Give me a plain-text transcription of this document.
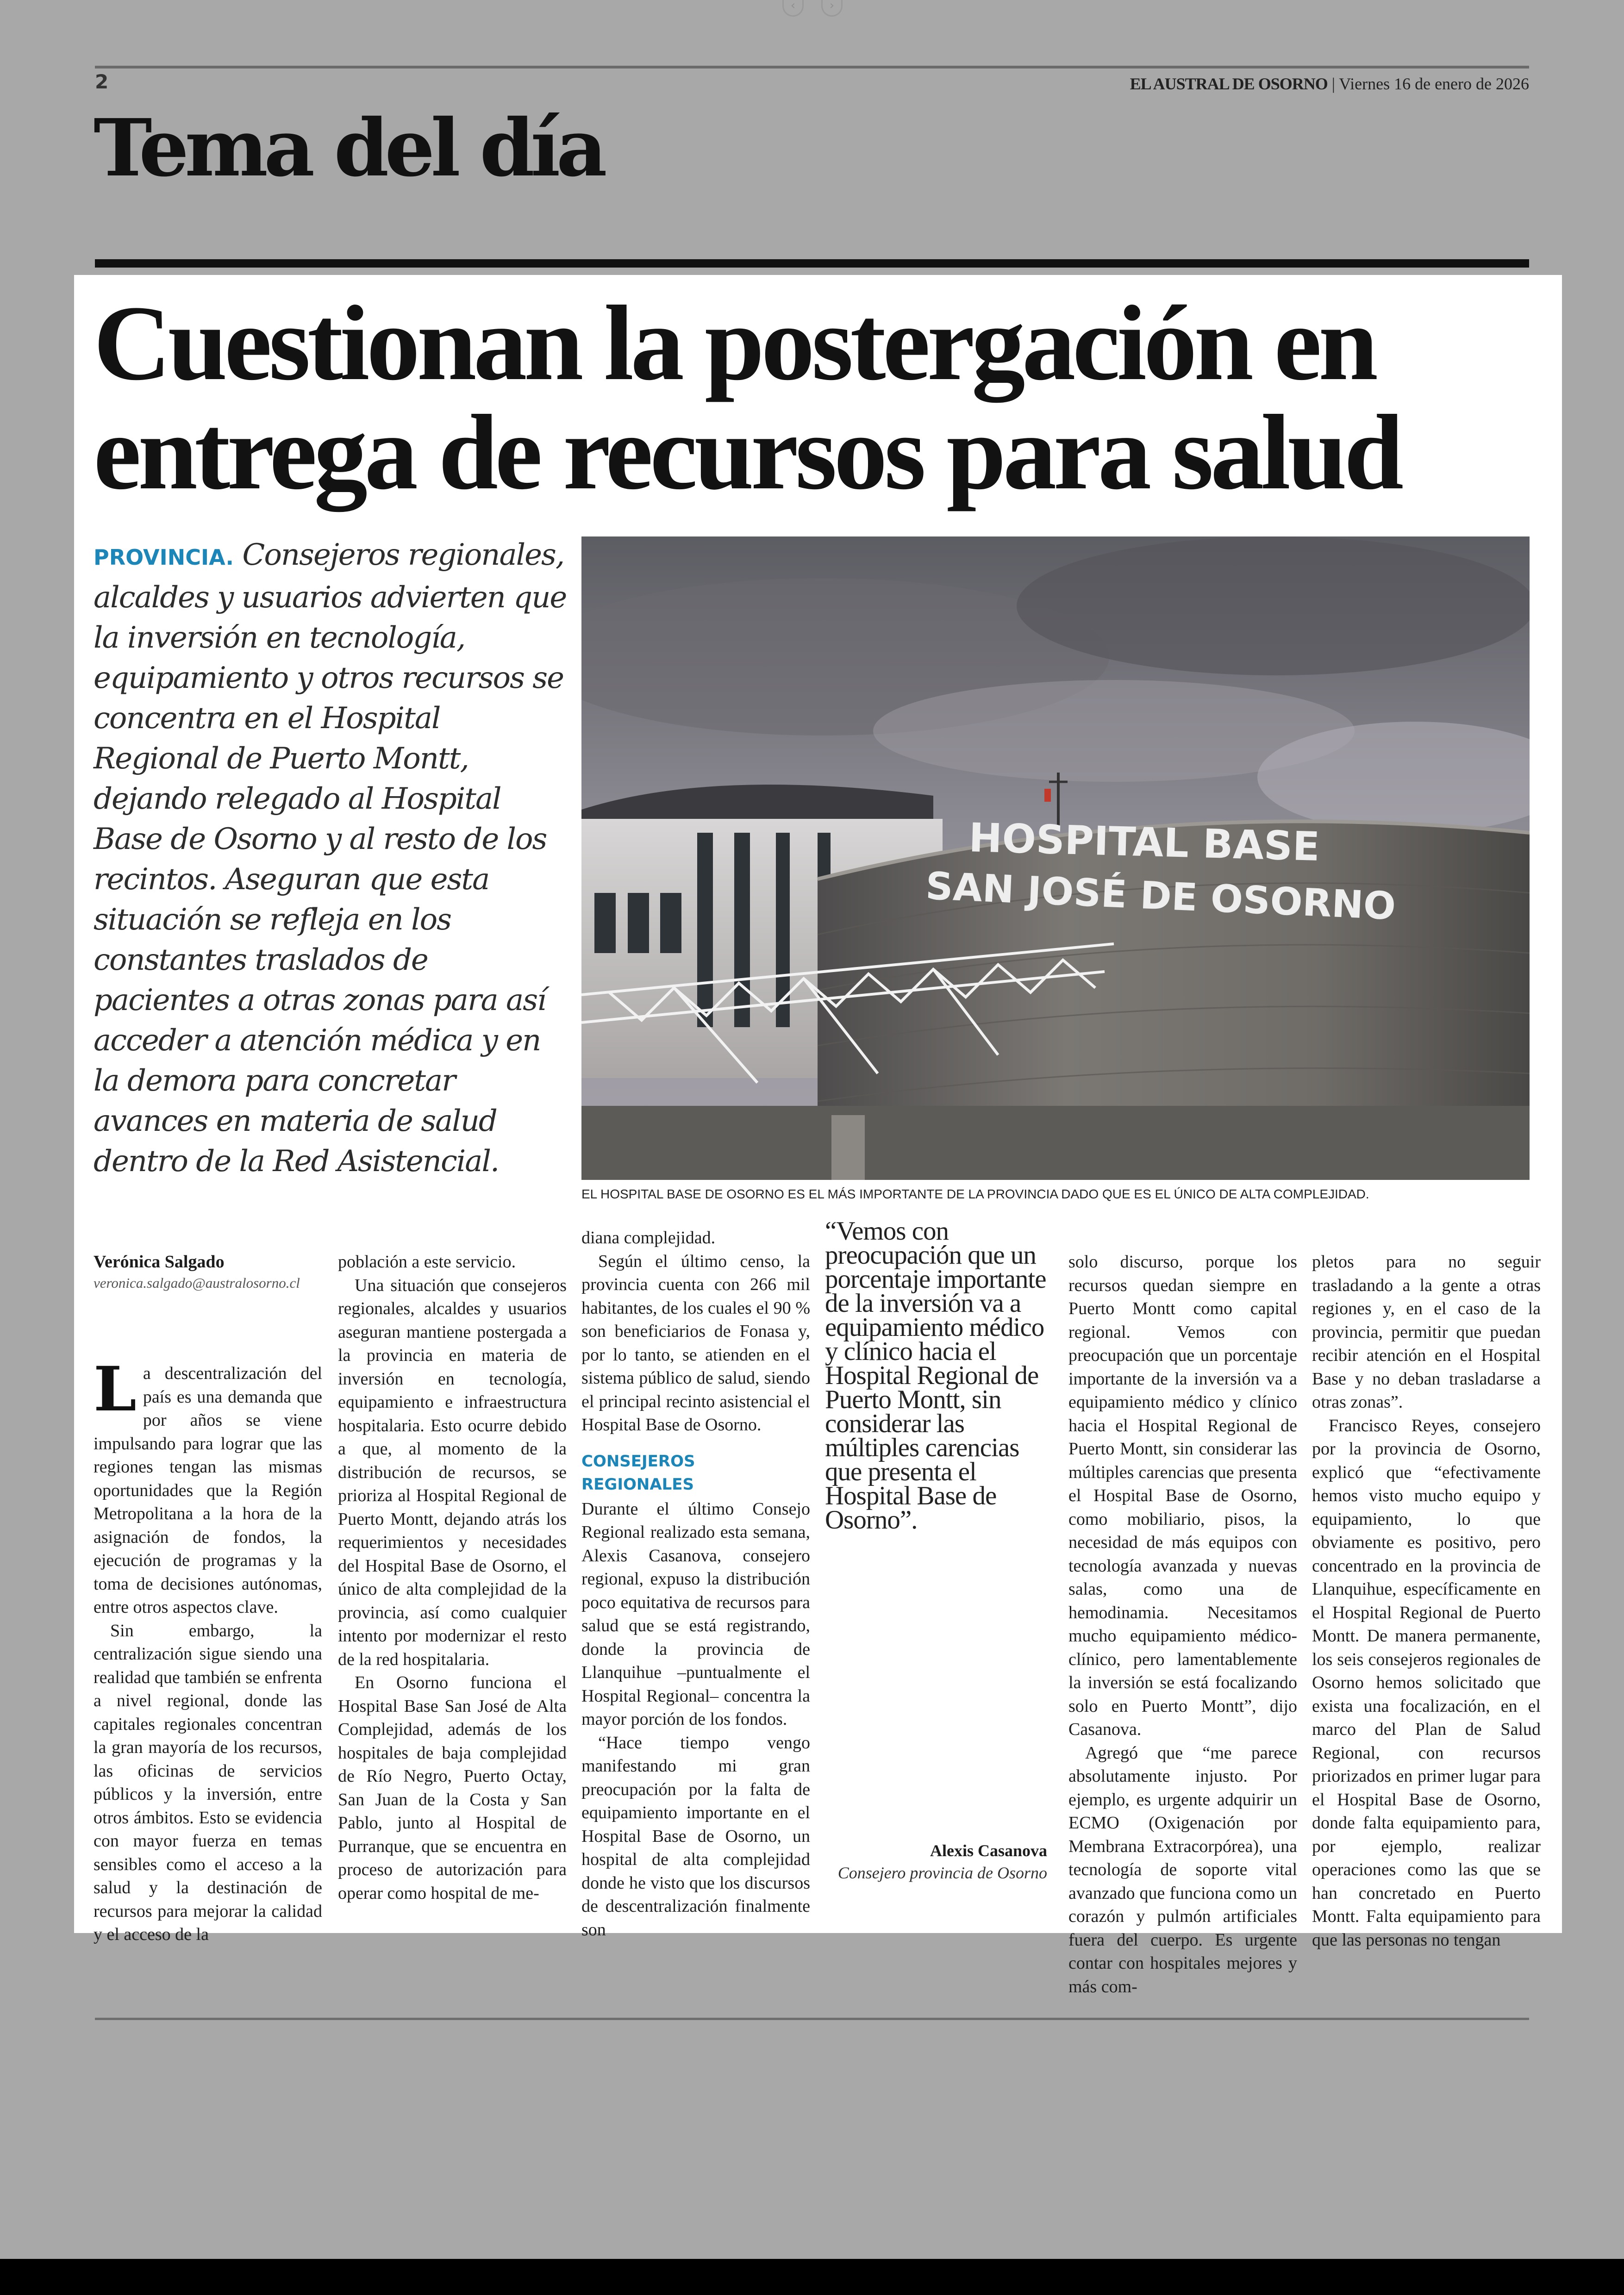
‹	›
2	EL AUSTRAL DE OSORNO | Viernes 16 de enero de 2026
Tema del día
Cuestionan la postergación en
entrega de recursos para salud
PROVINCIA. Consejeros regionales, alcaldes y usuarios advierten que la inversión en tecnología, equipamiento y otros recursos se concentra en el Hospital Regional de Puerto Montt, dejando relegado al Hospital Base de Osorno y al resto de los recintos. Aseguran que esta situación se refleja en los constantes traslados de pacientes a otras zonas para así acceder a atención médica y en la demora para concretar avances en materia de salud dentro de la Red Asistencial.
HOSPITAL BASE
SAN JOSÉ DE OSORNO
EL HOSPITAL BASE DE OSORNO ES EL MÁS IMPORTANTE DE LA PROVINCIA DADO QUE ES EL ÚNICO DE ALTA COMPLEJIDAD.
Verónica Salgado
veronica.salgado@australosorno.cl

La descentralización del país es una demanda que por años se viene impulsando para lograr que las regiones tengan las mismas oportunidades que la Región Metropolitana a la hora de la asignación de fondos, la ejecución de programas y la toma de decisiones autónomas, entre otros aspectos clave.

Sin embargo, la centralización sigue siendo una realidad que también se enfrenta a nivel regional, donde las capitales regionales concentran la gran mayoría de los recursos, las oficinas de servicios públicos y la inversión, entre otros ámbitos. Esto se evidencia con mayor fuerza en temas sensibles como el acceso a la salud y la destinación de recursos para mejorar la calidad y el acceso de la

población a este servicio.

Una situación que consejeros regionales, alcaldes y usuarios aseguran mantiene postergada a la provincia en materia de inversión en tecnología, equipamiento e infraestructura hospitalaria. Esto ocurre debido a que, al momento de la distribución de recursos, se prioriza al Hospital Regional de Puerto Montt, dejando atrás los requerimientos y necesidades del Hospital Base de Osorno, el único de alta complejidad de la provincia, así como cualquier intento por modernizar el resto de la red hospitalaria.

En Osorno funciona el Hospital Base San José de Alta Complejidad, además de los hospitales de baja complejidad de Río Negro, Puerto Octay, San Juan de la Costa y San Pablo, junto al Hospital de Purranque, que se encuentra en proceso de autorización para operar como hospital de me-

diana complejidad.

Según el último censo, la provincia cuenta con 266 mil habitantes, de los cuales el 90 % son beneficiarios de Fonasa y, por lo tanto, se atienden en el sistema público de salud, siendo el principal recinto asistencial el Hospital Base de Osorno.

CONSEJEROS REGIONALES

Durante el último Consejo Regional realizado esta semana, Alexis Casanova, consejero regional, expuso la distribución poco equitativa de recursos para salud que se está registrando, donde la provincia de Llanquihue –puntualmente el Hospital Regional– concentra la mayor porción de los fondos.

“Hace tiempo vengo manifestando mi gran preocupación por la falta de equipamiento importante en el Hospital Base de Osorno, un hospital de alta complejidad donde he visto que los discursos de descentralización finalmente son

“Vemos con preocupación que un porcentaje importante de la inversión va a equipamiento médico y clínico hacia el Hospital Regional de Puerto Montt, sin considerar las múltiples carencias que presenta el Hospital Base de Osorno”.
Alexis Casanova
Consejero provincia de Osorno

solo discurso, porque los recursos quedan siempre en Puerto Montt como capital regional. Vemos con preocupación que un porcentaje importante de la inversión va a equipamiento médico y clínico hacia el Hospital Regional de Puerto Montt, sin considerar las múltiples carencias que presenta el Hospital Base de Osorno, como mobiliario, pisos, la necesidad de más equipos con tecnología avanzada y nuevas salas, como una de hemodinamia. Necesitamos mucho equipamiento médico-clínico, pero lamentablemente la inversión se está focalizando solo en Puerto Montt”, dijo Casanova.

Agregó que “me parece absolutamente injusto. Por ejemplo, es urgente adquirir un ECMO (Oxigenación por Membrana Extracorpórea), una tecnología de soporte vital avanzado que funciona como un corazón y pulmón artificiales fuera del cuerpo. Es urgente contar con hospitales mejores y más com-

pletos para no seguir trasladando a la gente a otras regiones y, en el caso de la provincia, permitir que puedan recibir atención en el Hospital Base y no deban trasladarse a otras zonas”.

Francisco Reyes, consejero por la provincia de Osorno, explicó que “efectivamente hemos visto mucho equipo y equipamiento, lo que obviamente es positivo, pero concentrado en la provincia de Llanquihue, específicamente en el Hospital Regional de Puerto Montt. De manera permanente, los seis consejeros regionales de Osorno hemos solicitado que exista una focalización, en el marco del Plan de Salud Regional, con recursos priorizados en primer lugar para el Hospital Base de Osorno, donde falta equipamiento para, por ejemplo, realizar operaciones como las que se han concretado en Puerto Montt. Falta equipamiento para que las personas no tengan
